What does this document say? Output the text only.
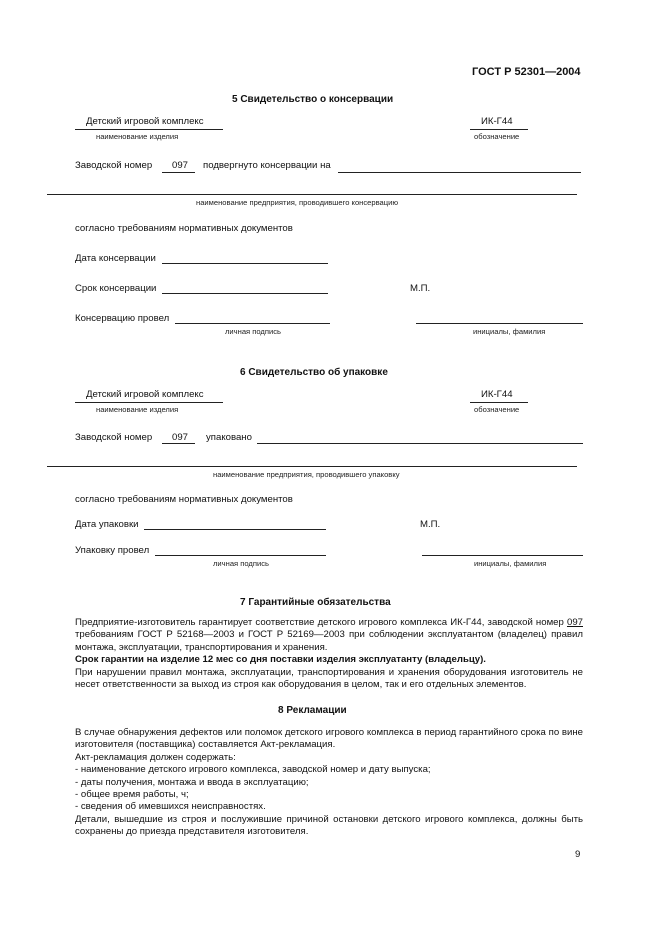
ГОСТ Р 52301—2004
5 Свидетельство о консервации
Детский игровой комплекс
наименование изделия
ИК-Г44
обозначение
Заводской номер 097 подвергнуто консервации на
наименование предприятия, проводившего консервацию
согласно требованиям нормативных документов
Дата консервации
Срок консервации	М.П.
Консервацию провел
личная подпись	инициалы, фамилия
6 Свидетельство об упаковке
Детский игровой комплекс
наименование изделия
ИК-Г44
обозначение
Заводской номер 097 упаковано
наименование предприятия, проводившего упаковку
согласно требованиям нормативных документов
Дата упаковки	М.П.
Упаковку провел
личная подпись	инициалы, фамилия
7 Гарантийные обязательства

Предприятие-изготовитель гарантирует соответствие детского игрового комплекса ИК-Г44, заводской номер 097 требованиям ГОСТ Р 52168—2003 и ГОСТ Р 52169—2003 при соблюдении эксплуатантом (владелец) правил монтажа, эксплуатации, транспортирования и хранения.

Срок гарантии на изделие 12 мес со дня поставки изделия эксплуатанту (владельцу).

При нарушении правил монтажа, эксплуатации, транспортирования и хранения оборудования изготовитель не несет ответственности за выход из строя как оборудования в целом, так и его отдельных элементов.

8 Рекламации

В случае обнаружения дефектов или поломок детского игрового комплекса в период гарантийного срока по вине изготовителя (поставщика) составляется Акт-рекламация.

Акт-рекламация должен содержать:

- наименование детского игрового комплекса, заводской номер и дату выпуска;

- даты получения, монтажа и ввода в эксплуатацию;

- общее время работы, ч;

- сведения об имевшихся неисправностях.

Детали, вышедшие из строя и послужившие причиной остановки детского игрового комплекса, должны быть сохранены до приезда представителя изготовителя.

9
